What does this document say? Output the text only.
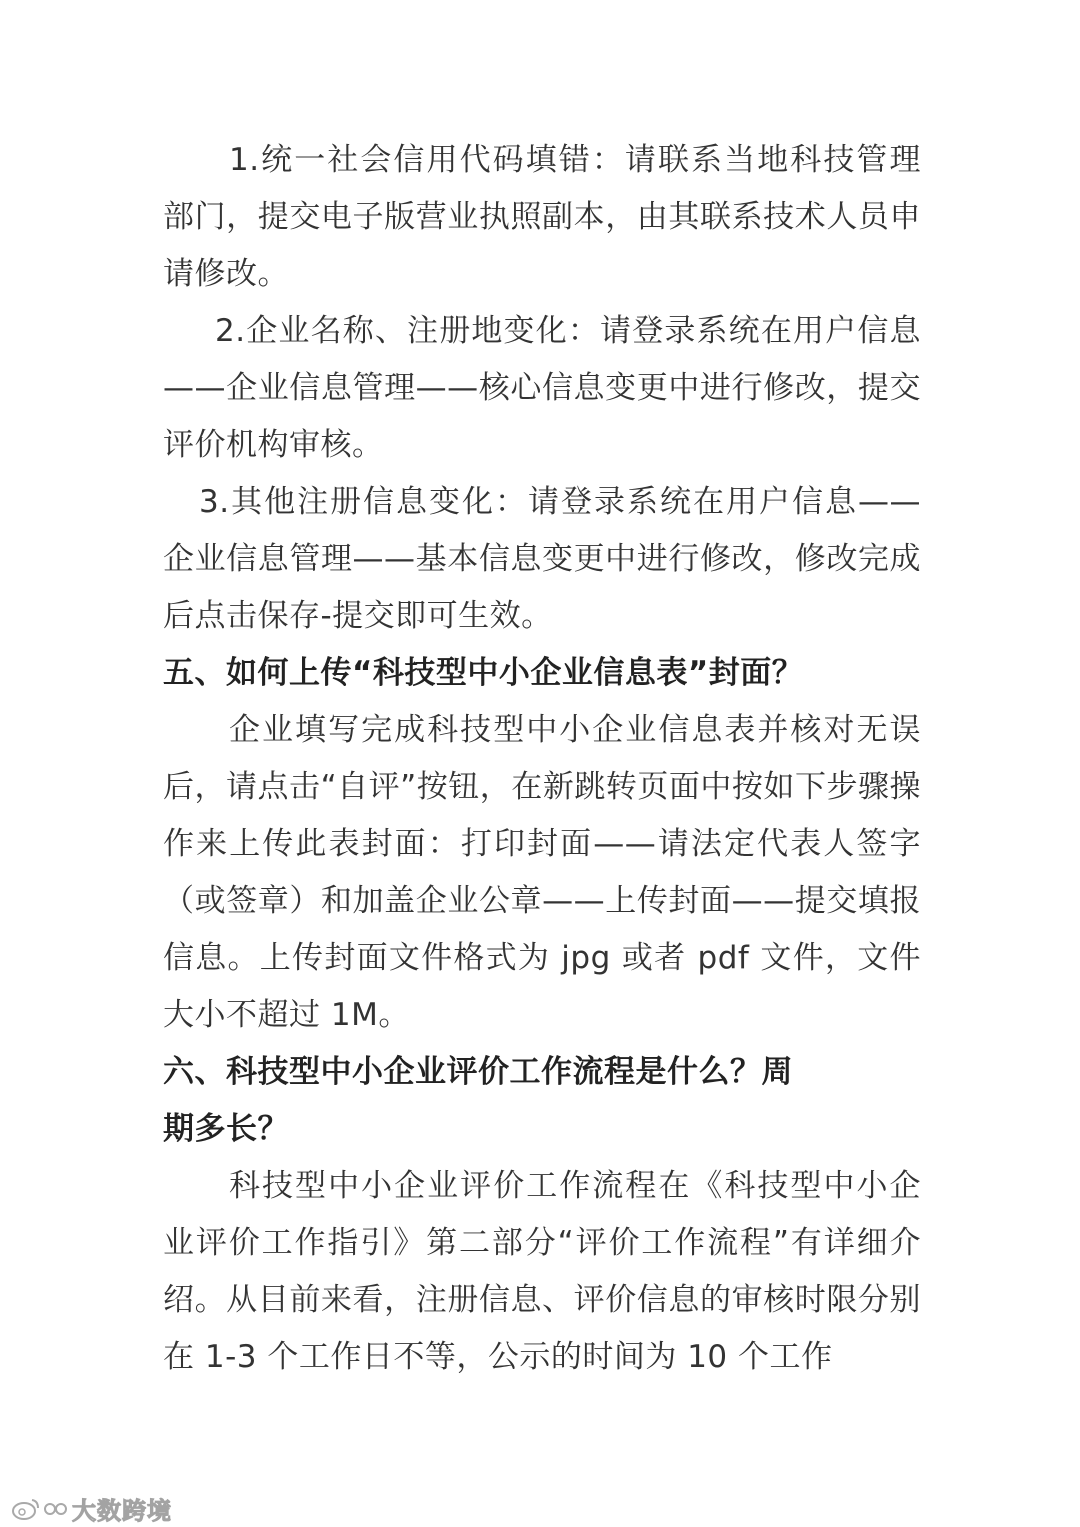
1.统一社会信用代码填错：请联系当地科技管理部门，提交电子版营业执照副本，由其联系技术人员申请修改。

2.企业名称、注册地变化：请登录系统在用户信息——企业信息管理——核心信息变更中进行修改，提交评价机构审核。

3.其他注册信息变化：请登录系统在用户信息——企业信息管理——基本信息变更中进行修改，修改完成后点击保存-提交即可生效。

五、如何上传“科技型中小企业信息表”封面？

企业填写完成科技型中小企业信息表并核对无误后，请点击“自评”按钮，在新跳转页面中按如下步骤操作来上传此表封面：打印封面——请法定代表人签字（或签章）和加盖企业公章——上传封面——提交填报信息。上传封面文件格式为 jpg 或者 pdf 文件，文件大小不超过 1M。

六、科技型中小企业评价工作流程是什么？周期多长？

科技型中小企业评价工作流程在《科技型中小企业评价工作指引》第二部分“评价工作流程”有详细介绍。从目前来看，注册信息、评价信息的审核时限分别在 1-3 个工作日不等，公示的时间为 10 个工作

大数跨境
